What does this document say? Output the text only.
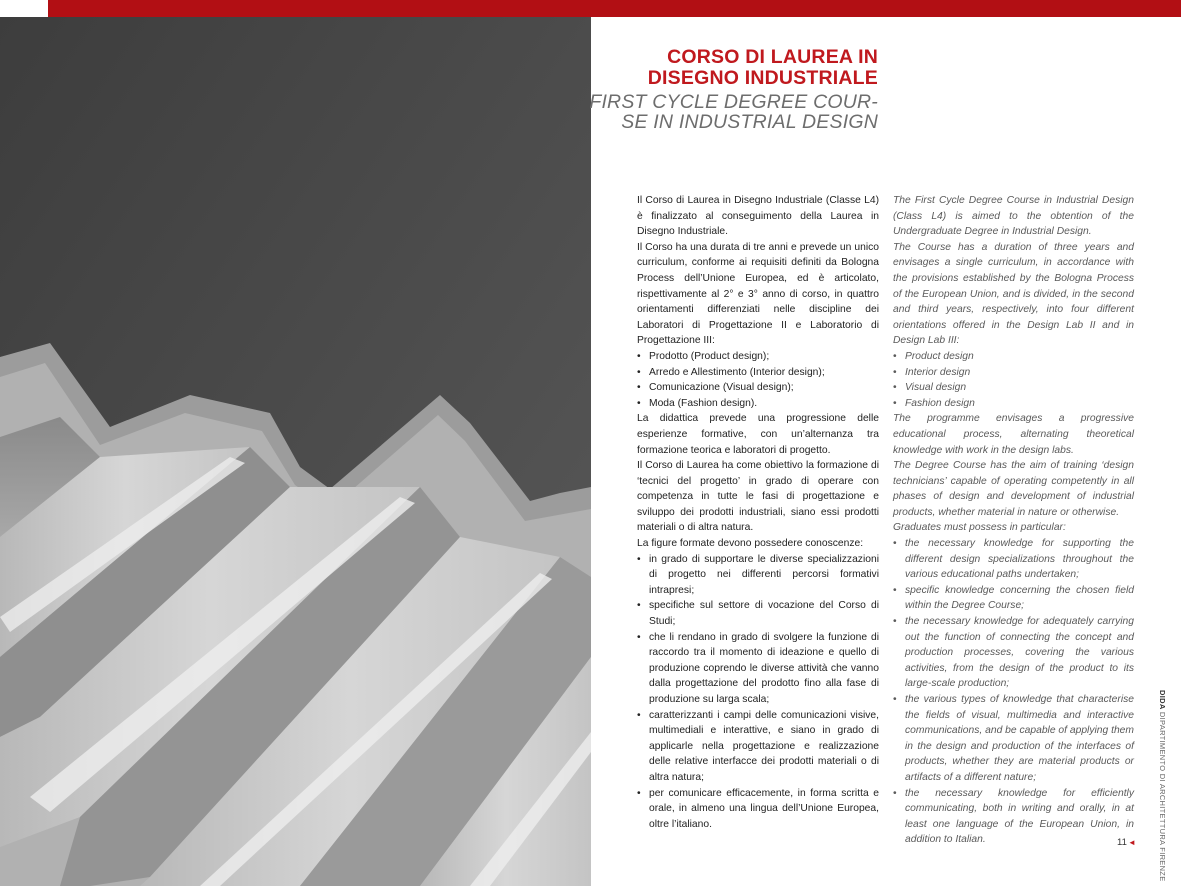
CORSO DI LAUREA IN
DISEGNO INDUSTRIALE

FIRST CYCLE DEGREE COUR-
SE IN INDUSTRIAL DESIGN

Il Corso di Laurea in Disegno Industriale (Classe L4) è finalizzato al conseguimento della Laurea in Disegno Industriale.

Il Corso ha una durata di tre anni e prevede un unico curriculum, conforme ai requisiti definiti da Bologna Process dell’Unione Europea, ed è articolato, rispettivamente al 2° e 3° anno di corso, in quattro orientamenti differenziati nelle discipline dei Laboratori di Progettazione II e Laboratorio di Progettazione III:

• Prodotto (Product design);
• Arredo e Allestimento (Interior design);
• Comunicazione (Visual design);
• Moda (Fashion design).

La didattica prevede una progressione delle esperienze formative, con un’alternanza tra formazione teorica e laboratori di progetto.

Il Corso di Laurea ha come obiettivo la formazione di ‘tecnici del progetto’ in grado di operare con competenza in tutte le fasi di progettazione e sviluppo dei prodotti industriali, siano essi prodotti materiali o di altra natura.

La figure formate devono possedere conoscenze:

• in grado di supportare le diverse specializzazioni di progetto nei differenti percorsi formativi intrapresi;
• specifiche sul settore di vocazione del Corso di Studi;
• che li rendano in grado di svolgere la funzione di raccordo tra il momento di ideazione e quello di produzione coprendo le diverse attività che vanno dalla progettazione del prodotto fino alla fase di produzione su larga scala;
• caratterizzanti i campi delle comunicazioni visive, multimediali e interattive, e siano in grado di applicarle nella progettazione e realizzazione delle relative interfacce dei prodotti materiali o di altra natura;
• per comunicare efficacemente, in forma scritta e orale, in almeno una lingua dell’Unione Europea, oltre l’italiano.

The First Cycle Degree Course in Industrial Design (Class L4) is aimed to the obtention of the Undergraduate Degree in Industrial Design.

The Course has a duration of three years and envisages a single curriculum, in accordance with the provisions established by the Bologna Process of the European Union, and is divided, in the second and third years, respectively, into four different orientations offered in the Design Lab II and in Design Lab III:

• Product design
• Interior design
• Visual design
• Fashion design

The programme envisages a progressive educational process, alternating theoretical knowledge with work in the design labs.

The Degree Course has the aim of training ‘design technicians’ capable of operating competently in all phases of design and development of industrial products, whether material in nature or otherwise.

Graduates must possess in particular:

• the necessary knowledge for supporting the different design specializations throughout the various educational paths undertaken;
• specific knowledge concerning the chosen field within the Degree Course;
• the necessary knowledge for adequately carrying out the function of connecting the concept and production processes, covering the various activities, from the design of the product to its large-scale production;
• the various types of knowledge that characterise the fields of visual, multimedia and interactive communications, and be capable of applying them in the design and production of the interfaces of products, whether they are material products or artifacts of a different nature;
• the necessary knowledge for efficiently communicating, both in writing and orally, in at least one language of the European Union, in addition to Italian.
DIDA DIPARTIMENTO DI ARCHITETTURA FIRENZE
11 ◄
